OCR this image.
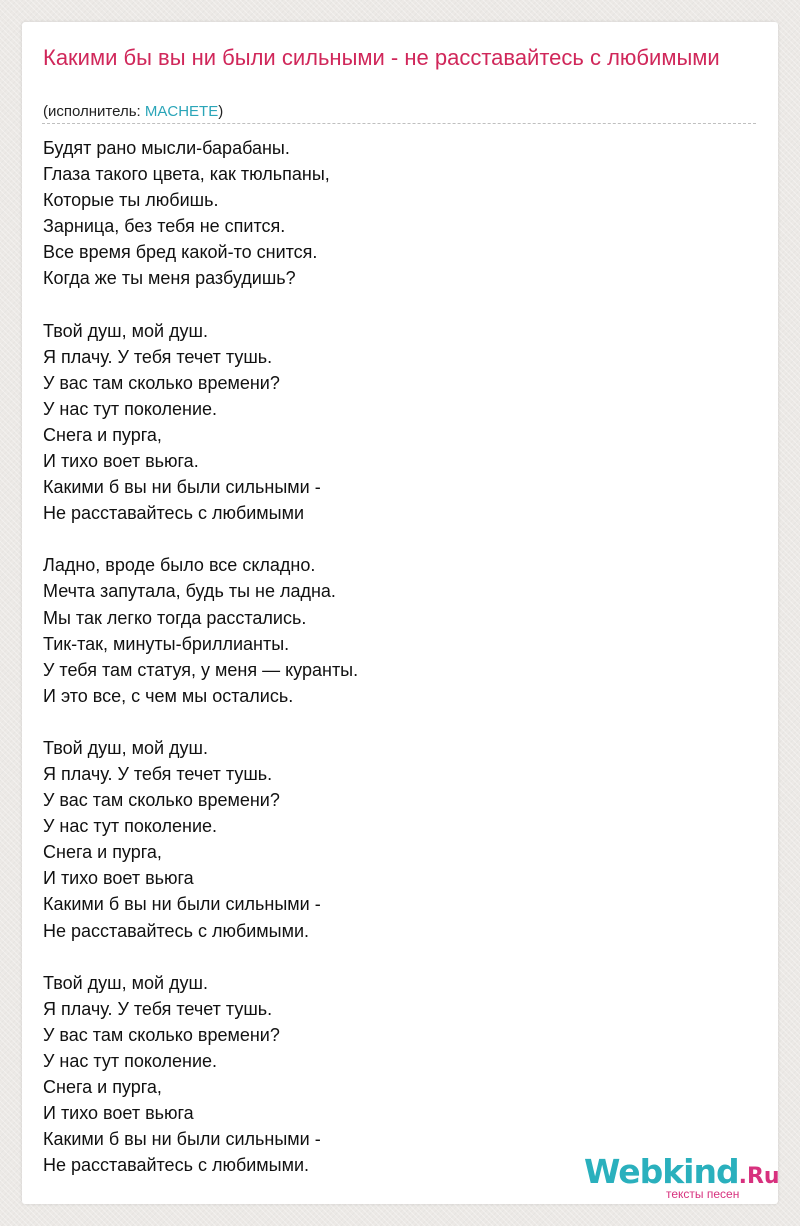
Какими бы вы ни были сильными - не расставайтесь с любимыми
(исполнитель: MACHETE)
Будят рано мысли-барабаны.
Глаза такого цвета, как тюльпаны,
Которые ты любишь.
Зарница, без тебя не спится.
Все время бред какой-то снится.
Когда же ты меня разбудишь?
Твой душ, мой душ.
Я плачу. У тебя течет тушь.
У вас там сколько времени?
У нас тут поколение.
Снега и пурга,
И тихо воет вьюга.
Какими б вы ни были сильными -
Не расставайтесь с любимыми
Ладно, вроде было все складно.
Мечта запутала, будь ты не ладна.
Мы так легко тогда расстались.
Тик-так, минуты-бриллианты.
У тебя там статуя, у меня — куранты.
И это все, с чем мы остались.
Твой душ, мой душ.
Я плачу. У тебя течет тушь.
У вас там сколько времени?
У нас тут поколение.
Снега и пурга,
И тихо воет вьюга
Какими б вы ни были сильными -
Не расставайтесь с любимыми.
Твой душ, мой душ.
Я плачу. У тебя течет тушь.
У вас там сколько времени?
У нас тут поколение.
Снега и пурга,
И тихо воет вьюга
Какими б вы ни были сильными -
Не расставайтесь с любимыми.	Webkind.Ru
тексты песен
